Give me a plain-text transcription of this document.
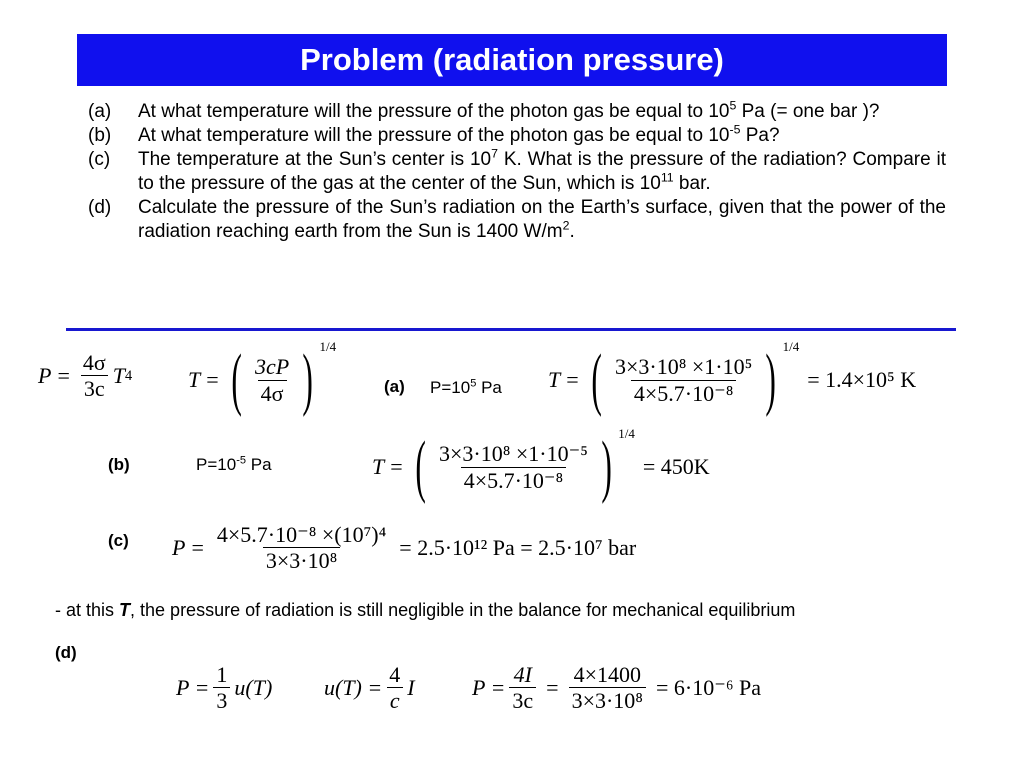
Problem (radiation pressure)
(a)	At what temperature will the pressure of the photon gas be equal to $10^5$ Pa (= one bar )?
(b)	At what temperature will the pressure of the photon gas be equal to $10^{-5}$ Pa?
(c)	The temperature at the Sun’s center is $10^7$ K. What is the pressure of the radiation? Compare it to the pressure of the gas at the center of the Sun, which is $10^{11}$ bar.
(d)	Calculate the pressure of the Sun’s radiation on the Earth’s surface, given that the power of the radiation reaching earth from the Sun is 1400 $W/m^2$.
$P = \frac{4\sigma}{3c}$ T 4	T = ( $\frac{3cP}{4\sigma}$ ) 1/4
(a) $P=10^5$ Pa T = ( $\frac{\text{3×3·10⁸ ×1·10⁵}}{\text{4×5.7·10⁻⁸}}$ ) 1/4
= 1.4×10⁵ K
(b)	$P=10^{-5}$ Pa	T = ( $\frac{\text{3×3·10⁸ ×1·10⁻⁵}}{\text{4×5.7·10⁻⁸}}$ ) 1/4
= 450K
(c) $P = \frac{\text{4×5.7·10⁻⁸ ×(10⁷)⁴}}{\text{3×3·10⁸}} = 2.5\cdot 10^{12}$ Pa = 2.5·10⁷ bar
- at this T, the pressure of radiation is still negligible in the balance for mechanical equilibrium
(d)
$P = \frac{1}{3} u(T) u(T) = \frac{4}{c}$ I	$P = \frac{4I}{3c} = \frac{4\times 1400}{\text{3×3·10⁸}} = 6\cdot 10^{-6}$ Pa
